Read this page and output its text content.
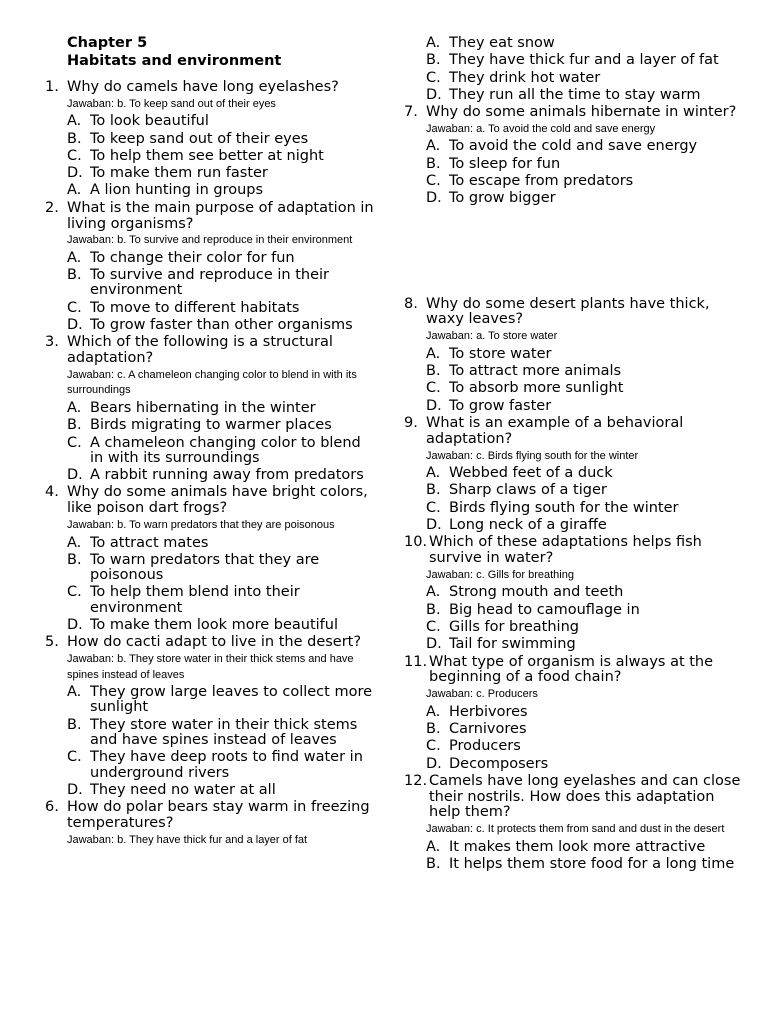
Chapter 5
Habitats and environment
1. Why do camels have long eyelashes?
Jawaban: b. To keep sand out of their eyes
A. To look beautiful
B. To keep sand out of their eyes
C. To help them see better at night
D. To make them run faster
A. A lion hunting in groups
2. What is the main purpose of adaptation in living organisms?
Jawaban: b. To survive and reproduce in their environment
A. To change their color for fun
B. To survive and reproduce in their environment
C. To move to different habitats
D. To grow faster than other organisms
3. Which of the following is a structural adaptation?
Jawaban: c. A chameleon changing color to blend in with its surroundings
A. Bears hibernating in the winter
B. Birds migrating to warmer places
C. A chameleon changing color to blend in with its surroundings
D. A rabbit running away from predators
4. Why do some animals have bright colors, like poison dart frogs?
Jawaban: b. To warn predators that they are poisonous
A. To attract mates
B. To warn predators that they are poisonous
C. To help them blend into their environment
D. To make them look more beautiful
5. How do cacti adapt to live in the desert?
Jawaban: b. They store water in their thick stems and have spines instead of leaves
A. They grow large leaves to collect more sunlight
B. They store water in their thick stems and have spines instead of leaves
C. They have deep roots to find water in underground rivers
D. They need no water at all
6. How do polar bears stay warm in freezing temperatures?
Jawaban: b. They have thick fur and a layer of fat
A. They eat snow
B. They have thick fur and a layer of fat
C. They drink hot water
D. They run all the time to stay warm
7. Why do some animals hibernate in winter?
Jawaban: a. To avoid the cold and save energy
A. To avoid the cold and save energy
B. To sleep for fun
C. To escape from predators
D. To grow bigger
8. Why do some desert plants have thick, waxy leaves?
Jawaban: a. To store water
A. To store water
B. To attract more animals
C. To absorb more sunlight
D. To grow faster
9. What is an example of a behavioral adaptation?
Jawaban: c. Birds flying south for the winter
A. Webbed feet of a duck
B. Sharp claws of a tiger
C. Birds flying south for the winter
D. Long neck of a giraffe
10. Which of these adaptations helps fish survive in water?
Jawaban: c. Gills for breathing
A. Strong mouth and teeth
B. Big head to camouflage in
C. Gills for breathing
D. Tail for swimming
11. What type of organism is always at the beginning of a food chain?
Jawaban: c. Producers
A. Herbivores
B. Carnivores
C. Producers
D. Decomposers
12. Camels have long eyelashes and can close their nostrils. How does this adaptation help them?
Jawaban: c. It protects them from sand and dust in the desert
A. It makes them look more attractive
B. It helps them store food for a long time
